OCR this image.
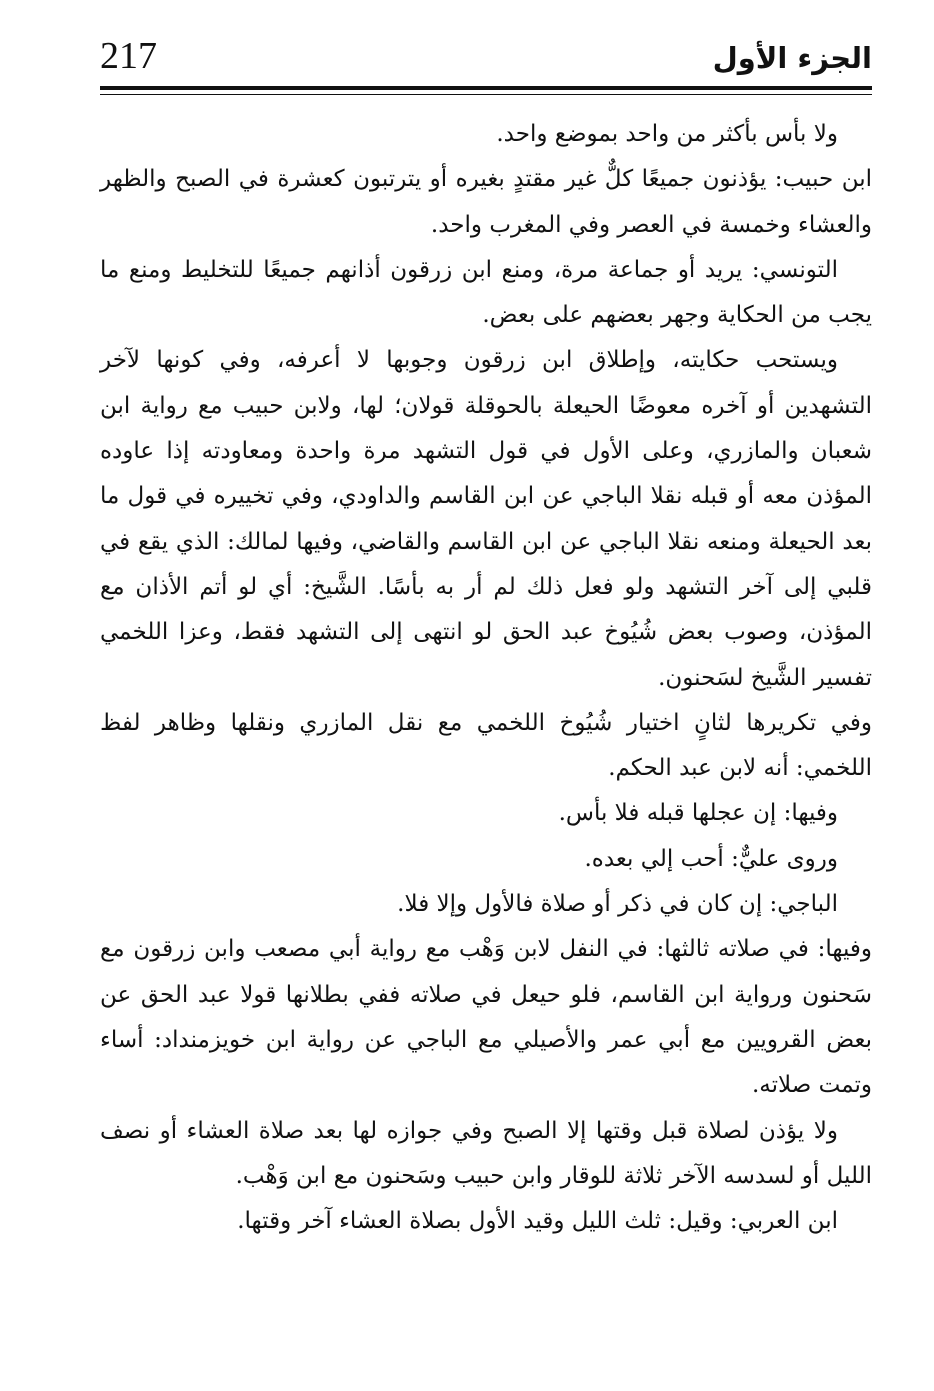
217	الجزء الأول

ولا بأس بأكثر من واحد بموضع واحد.

ابن حبيب: يؤذنون جميعًا كلٌّ غير مقتدٍ بغيره أو يترتبون كعشرة في الصبح والظهر والعشاء وخمسة في العصر وفي المغرب واحد.

التونسي: يريد أو جماعة مرة، ومنع ابن زرقون أذانهم جميعًا للتخليط ومنع ما يجب من الحكاية وجهر بعضهم على بعض.

ويستحب حكايته، وإطلاق ابن زرقون وجوبها لا أعرفه، وفي كونها لآخر التشهدين أو آخره معوضًا الحيعلة بالحوقلة قولان؛ لها، ولابن حبيب مع رواية ابن شعبان والمازري، وعلى الأول في قول التشهد مرة واحدة ومعاودته إذا عاوده المؤذن معه أو قبله نقلا الباجي عن ابن القاسم والداودي، وفي تخييره في قول ما بعد الحيعلة ومنعه نقلا الباجي عن ابن القاسم والقاضي، وفيها لمالك: الذي يقع في قلبي إلى آخر التشهد ولو فعل ذلك لم أر به بأسًا. الشَّيخ: أي لو أتم الأذان مع المؤذن، وصوب بعض شُيُوخ عبد الحق لو انتهى إلى التشهد فقط، وعزا اللخمي تفسير الشَّيخ لسَحنون.

وفي تكريرها لثانٍ اختيار شُيُوخ اللخمي مع نقل المازري ونقلها وظاهر لفظ اللخمي: أنه لابن عبد الحكم.

وفيها: إن عجلها قبله فلا بأس.

وروى عليٌّ: أحب إلي بعده.

الباجي: إن كان في ذكر أو صلاة فالأول وإلا فلا.

وفيها: في صلاته ثالثها: في النفل لابن وَهْب مع رواية أبي مصعب وابن زرقون مع سَحنون ورواية ابن القاسم، فلو حيعل في صلاته ففي بطلانها قولا عبد الحق عن بعض القرويين مع أبي عمر والأصيلي مع الباجي عن رواية ابن خويزمنداد: أساء وتمت صلاته.

ولا يؤذن لصلاة قبل وقتها إلا الصبح وفي جوازه لها بعد صلاة العشاء أو نصف الليل أو لسدسه الآخر ثلاثة للوقار وابن حبيب وسَحنون مع ابن وَهْب.

ابن العربي: وقيل: ثلث الليل وقيد الأول بصلاة العشاء آخر وقتها.
